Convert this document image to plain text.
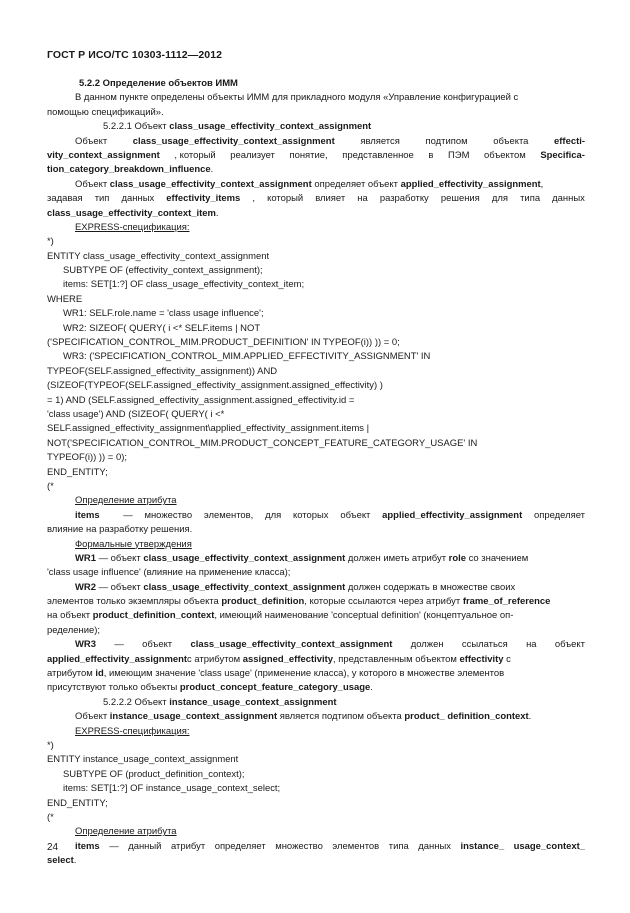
ГОСТ Р ИСО/ТС 10303-1112—2012
5.2.2 Определение объектов ИММ
В данном пункте определены объекты ИММ для прикладного модуля «Управление конфигурацией с
помощью спецификаций».
5.2.2.1 Объект class_usage_effectivity_context_assignment
Объект	class_usage_effectivity_context_assignment	является	подтипом	объекта	effecti-
vity_context_assignment , который реализует понятие, представленное в ПЭМ объектом Specifica-
tion_category_breakdown_influence.
Объект class_usage_effectivity_context_assignment определяет объект applied_effectivity_assignment,
задавая тип данных effectivity_items , который влияет на разработку решения для типа данных
class_usage_effectivity_context_item.
EXPRESS-спецификация:
*)
ENTITY class_usage_effectivity_context_assignment
SUBTYPE OF (effectivity_context_assignment);
items: SET[1:?] OF class_usage_effectivity_context_item;
WHERE
WR1: SELF.role.name = 'class usage influence';
WR2: SIZEOF( QUERY( i <* SELF.items | NOT
('SPECIFICATION_CONTROL_MIM.PRODUCT_DEFINITION' IN TYPEOF(i)) )) = 0;
WR3: ('SPECIFICATION_CONTROL_MIM.APPLIED_EFFECTIVITY_ASSIGNMENT' IN
TYPEOF(SELF.assigned_effectivity_assignment)) AND
(SIZEOF(TYPEOF(SELF.assigned_effectivity_assignment.assigned_effectivity) )
= 1) AND (SELF.assigned_effectivity_assignment.assigned_effectivity.id =
'class usage') AND (SIZEOF( QUERY( i <*
SELF.assigned_effectivity_assignment\applied_effectivity_assignment.items |
NOT('SPECIFICATION_CONTROL_MIM.PRODUCT_CONCEPT_FEATURE_CATEGORY_USAGE' IN
TYPEOF(i)) )) = 0);
END_ENTITY;
(*
Определение атрибута
items — множество элементов, для которых объект applied_effectivity_assignment определяет
влияние на разработку решения.
Формальные утверждения
WR1 — объект class_usage_effectivity_context_assignment должен иметь атрибут role со значением
'class usage influence' (влияние на применение класса);
WR2 — объект class_usage_effectivity_context_assignment должен содержать в множестве своих
элементов только экземпляры объекта product_definition, которые ссылаются через атрибут frame_of_reference
на объект product_definition_context, имеющий наименование 'conceptual definition' (концептуальное оп-
ределение);
WR3 — объект class_usage_effectivity_context_assignment должен ссылаться на объект
applied_effectivity_assignmentс атрибутом assigned_effectivity, представленным объектом effectivity с
атрибутом id, имеющим значение 'class usage' (применение класса), у которого в множестве элементов
присутствуют только объекты product_concept_feature_category_usage.
5.2.2.2 Объект instance_usage_context_assignment
Объект instance_usage_context_assignment является подтипом объекта product_ definition_context.
EXPRESS-спецификация:
*)
ENTITY instance_usage_context_assignment
SUBTYPE OF (product_definition_context);
items: SET[1:?] OF instance_usage_context_select;
END_ENTITY;
(*
Определение атрибута
items — данный атрибут определяет множество элементов типа данных instance_ usage_context_
select.
24
